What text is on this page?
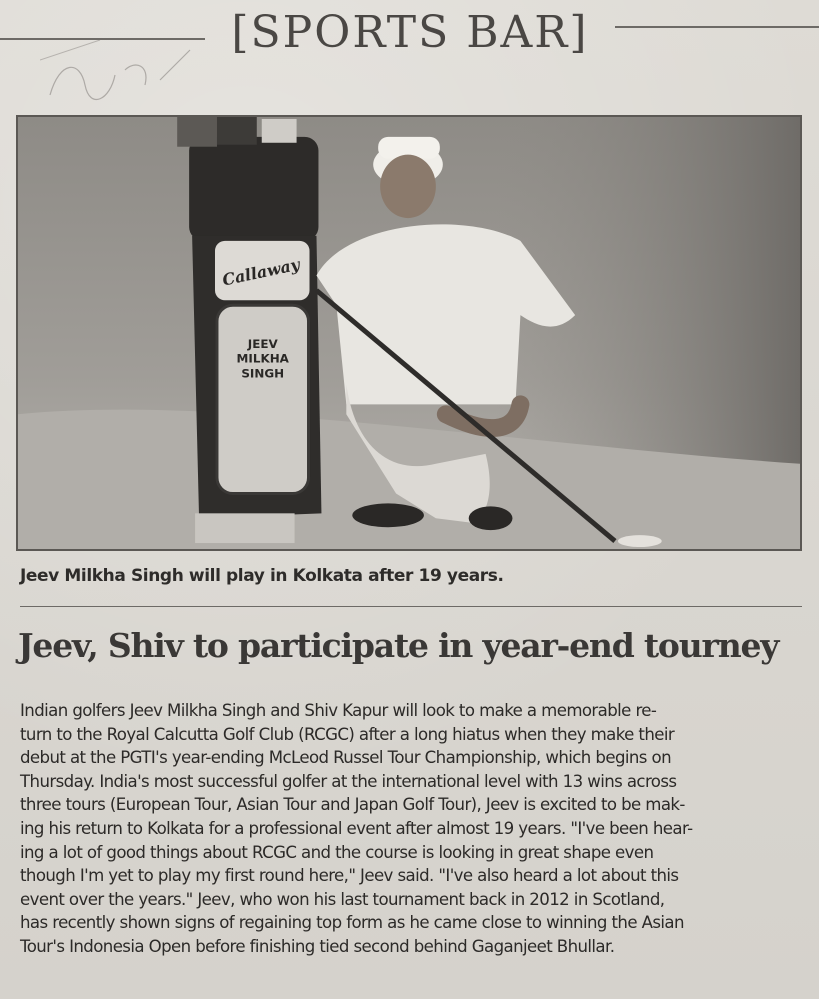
[SPORTS BAR]
Callaway
JEEV
MILKHA
SINGH
Jeev Milkha Singh will play in Kolkata after 19 years.
Jeev, Shiv to participate in year-end tourney
Indian golfers Jeev Milkha Singh and Shiv Kapur will look to make a memorable re-
turn to the Royal Calcutta Golf Club (RCGC) after a long hiatus when they make their
debut at the PGTI's year-ending McLeod Russel Tour Championship, which begins on
Thursday. India's most successful golfer at the international level with 13 wins across
three tours (European Tour, Asian Tour and Japan Golf Tour), Jeev is excited to be mak-
ing his return to Kolkata for a professional event after almost 19 years. "I've been hear-
ing a lot of good things about RCGC and the course is looking in great shape even
though I'm yet to play my first round here," Jeev said. "I've also heard a lot about this
event over the years." Jeev, who won his last tournament back in 2012 in Scotland,
has recently shown signs of regaining top form as he came close to winning the Asian
Tour's Indonesia Open before finishing tied second behind Gaganjeet Bhullar.
